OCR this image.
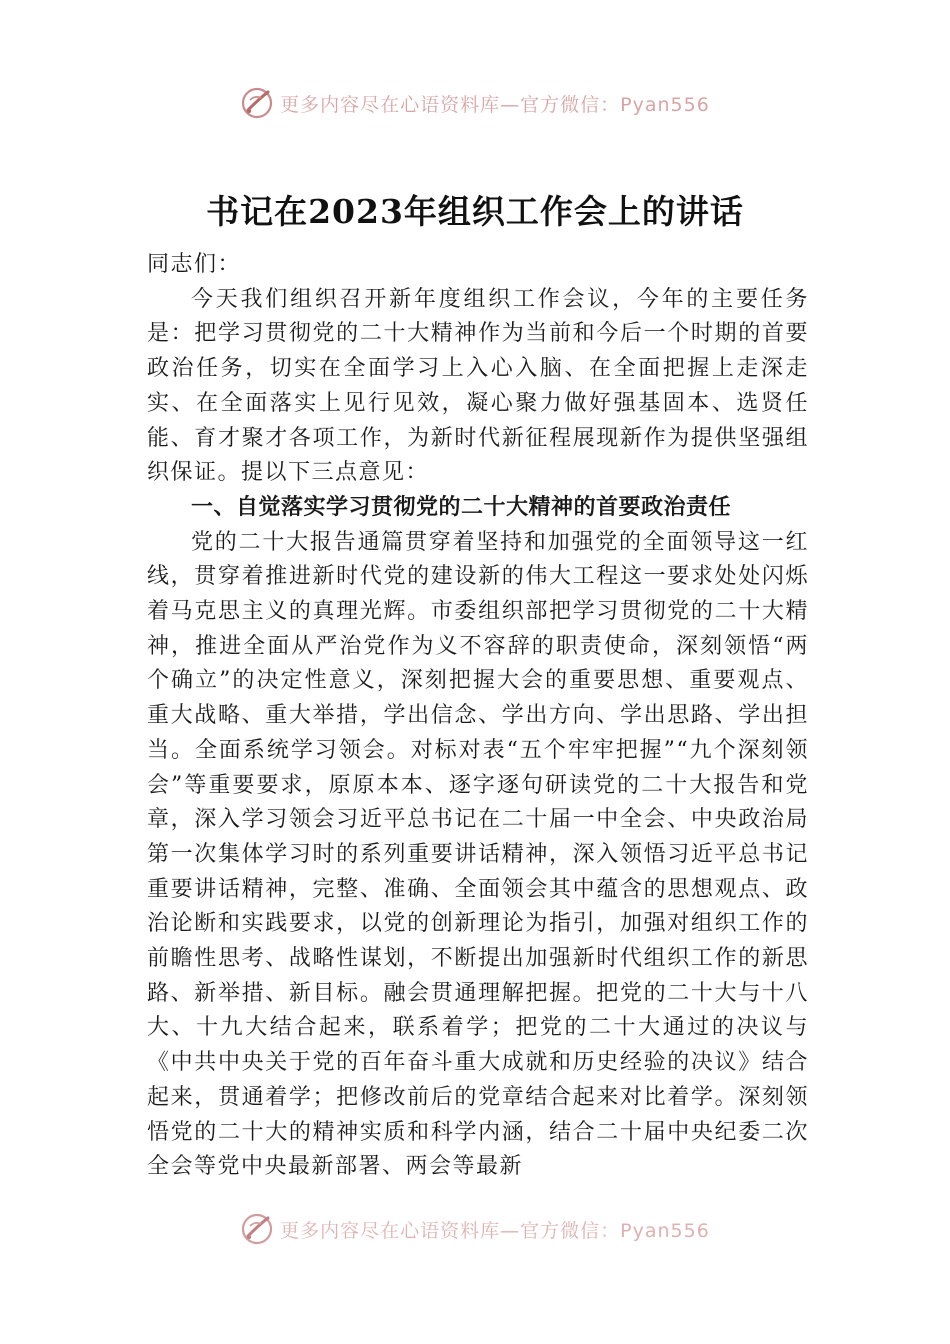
更多内容尽在心语资料库—官方微信：Pyan556
书记在2023年组织工作会上的讲话

同志们：

今天我们组织召开新年度组织工作会议，今年的主要任务是：把学习贯彻党的二十大精神作为当前和今后一个时期的首要政治任务，切实在全面学习上入心入脑、在全面把握上走深走实、在全面落实上见行见效，凝心聚力做好强基固本、选贤任能、育才聚才各项工作，为新时代新征程展现新作为提供坚强组织保证。提以下三点意见：

一、自觉落实学习贯彻党的二十大精神的首要政治责任

党的二十大报告通篇贯穿着坚持和加强党的全面领导这一红线，贯穿着推进新时代党的建设新的伟大工程这一要求处处闪烁着马克思主义的真理光辉。市委组织部把学习贯彻党的二十大精神，推进全面从严治党作为义不容辞的职责使命，深刻领悟“两个确立”的决定性意义，深刻把握大会的重要思想、重要观点、重大战略、重大举措，学出信念、学出方向、学出思路、学出担当。全面系统学习领会。对标对表“五个牢牢把握”“九个深刻领会”等重要要求，原原本本、逐字逐句研读党的二十大报告和党章，深入学习领会习近平总书记在二十届一中全会、中央政治局第一次集体学习时的系列重要讲话精神，深入领悟习近平总书记重要讲话精神，完整、准确、全面领会其中蕴含的思想观点、政治论断和实践要求，以党的创新理论为指引，加强对组织工作的前瞻性思考、战略性谋划，不断提出加强新时代组织工作的新思路、新举措、新目标。融会贯通理解把握。把党的二十大与十八大、十九大结合起来，联系着学；把党的二十大通过的决议与《中共中央关于党的百年奋斗重大成就和历史经验的决议》结合起来，贯通着学；把修改前后的党章结合起来对比着学。深刻领悟党的二十大的精神实质和科学内涵，结合二十届中央纪委二次全会等党中央最新部署、两会等最新

更多内容尽在心语资料库—官方微信：Pyan556
